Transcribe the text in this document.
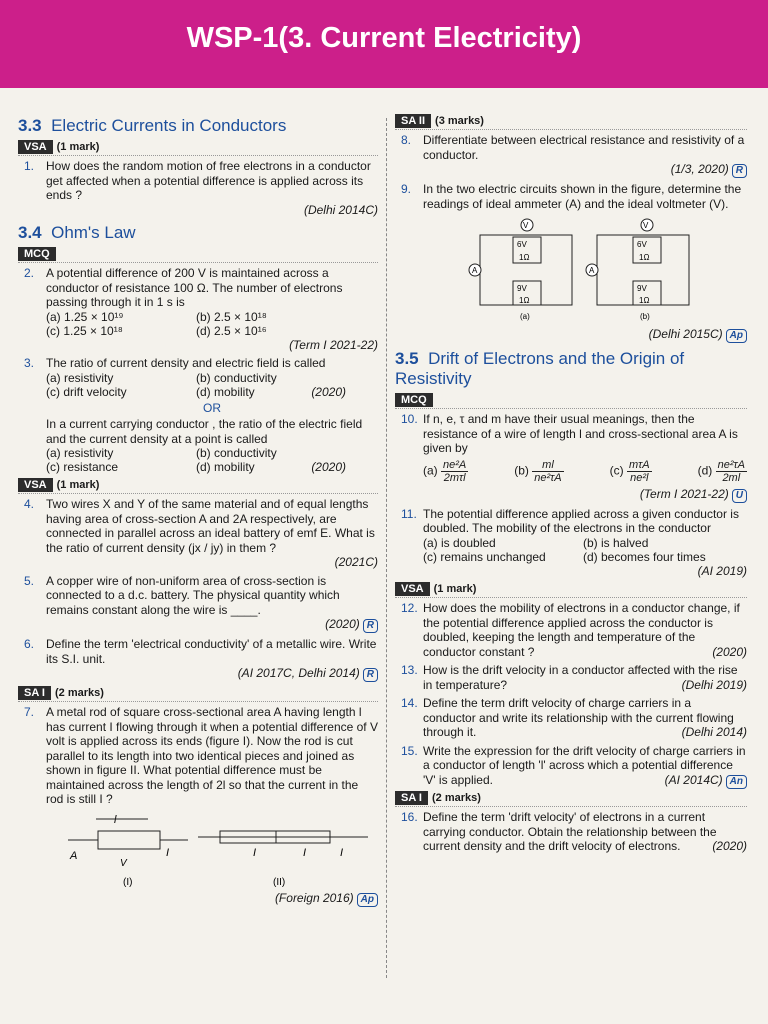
WSP-1(3. Current Electricity)
3.3 Electric Currents in Conductors
VSA (1 mark)
1. How does the random motion of free electrons in a conductor get affected when a potential difference is applied across its ends ?
(Delhi 2014C)
3.4 Ohm's Law
MCQ
2. A potential difference of 200 V is maintained across a conductor of resistance 100 Ω. The number of electrons passing through it in 1 s is
(a) 1.25 × 10¹⁹	(b) 2.5 × 10¹⁸
(c) 1.25 × 10¹⁸	(d) 2.5 × 10¹⁶
(Term I 2021-22)
3. The ratio of current density and electric field is called
(a) resistivity	(b) conductivity
(c) drift velocity	(d) mobility	(2020)
OR
In a current carrying conductor , the ratio of the electric field and the current density at a point is called
(a) resistivity	(b) conductivity
(c) resistance	(d) mobility	(2020)
VSA (1 mark)
4. Two wires X and Y of the same material and of equal lengths having area of cross-section A and 2A respectively, are connected in parallel across an ideal battery of emf E. What is the ratio of current density (jx / jy) in them ?
(2021C)
5. A copper wire of non-uniform area of cross-section is connected to a d.c. battery. The physical quantity which remains constant along the wire is ____.
(2020) R
6. Define the term 'electrical conductivity' of a metallic wire. Write its S.I. unit.
(AI 2017C, Delhi 2014) R
SA I (2 marks)
7. A metal rod of square cross-sectional area A having length l has current I flowing through it when a potential difference of V volt is applied across its ends (figure I). Now the rod is cut parallel to its length into two identical pieces and joined as shown in figure II. What potential difference must be maintained across the length of 2l so that the current in the rod is still I ?
l
A
V
I
(I)
I	I	I
(II)
(Foreign 2016) Ap
SA II (3 marks)
8. Differentiate between electrical resistance and resistivity of a conductor.
(1/3, 2020) R
9. In the two electric circuits shown in the figure, determine the readings of ideal ammeter (A) and the ideal voltmeter (V).
V
A
6V
1Ω
9V
1Ω
(a)
V
A
6V
1Ω
9V
1Ω
(b)
(Delhi 2015C) Ap
3.5 Drift of Electrons and the Origin of Resistivity
MCQ
10. If n, e, τ and m have their usual meanings, then the resistance of a wire of length l and cross-sectional area A is given by
$(a) \frac{\text{ne²A}}{\text{2mτl}}$	$(b) \frac{ml}{\text{ne²τA}}$	$(c) \frac{\text{mτA}}{\text{ne²l}}$	$(d) \frac{\text{ne²τA}}{2ml}$
(Term I 2021-22) U
11. The potential difference applied across a given conductor is doubled. The mobility of the electrons in the conductor
(a) is doubled	(b) is halved
(c) remains unchanged	(d) becomes four times
(AI 2019)
VSA (1 mark)
12. How does the mobility of electrons in a conductor change, if the potential difference applied across the conductor is doubled, keeping the length and temperature of the conductor constant ?	(2020)
13. How is the drift velocity in a conductor affected with the rise in temperature?	(Delhi 2019)
14. Define the term drift velocity of charge carriers in a conductor and write its relationship with the current flowing through it.	(Delhi 2014)
15. Write the expression for the drift velocity of charge carriers in a conductor of length 'l' across which a potential difference 'V' is applied.	(AI 2014C) An
SA I (2 marks)
16. Define the term 'drift velocity' of electrons in a current carrying conductor. Obtain the relationship between the current density and the drift velocity of electrons.	(2020)
